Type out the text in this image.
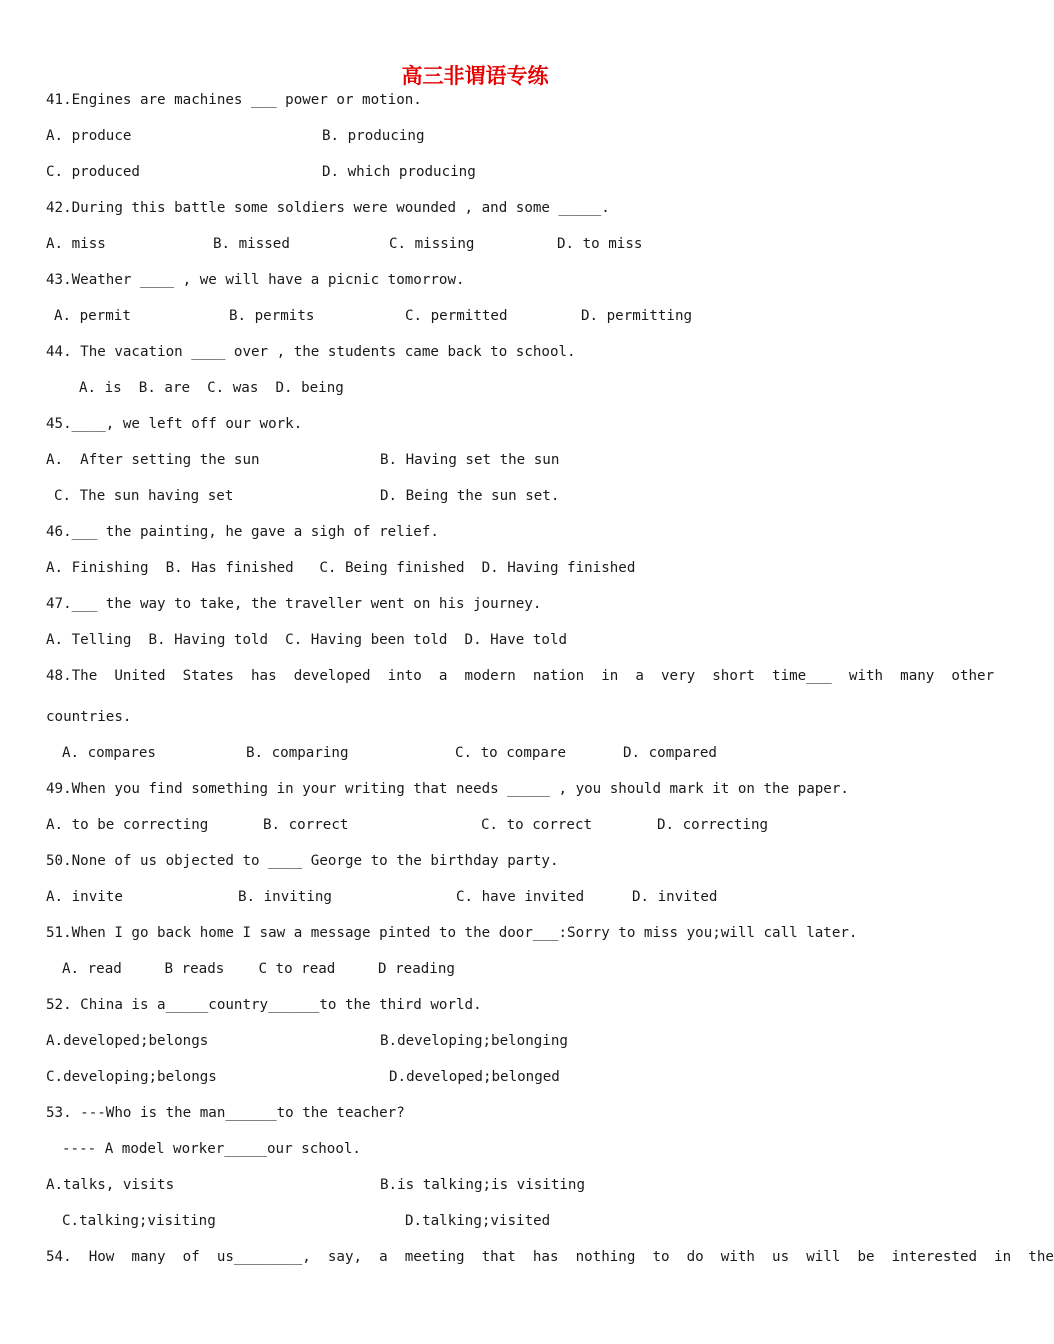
高三非谓语专练
41.Engines are machines ___ power or motion.
A. produce	B. producing
C. produced	D. which producing
42.During this battle some soldiers were wounded , and some _____.
A. miss	B. missed	C. missing	D. to miss
43.Weather ____ , we will have a picnic tomorrow.
A. permit	B. permits	C. permitted	D. permitting
44. The vacation ____ over , the students came back to school.
A. is  B. are  C. was  D. being
45.____, we left off our work.
A.  After setting the sun	B. Having set the sun
C. The sun having set	D. Being the sun set.
46.___ the painting, he gave a sigh of relief.
A. Finishing  B. Has finished   C. Being finished  D. Having finished
47.___ the way to take, the traveller went on his journey.
A. Telling  B. Having told  C. Having been told  D. Have told
48.The  United  States  has  developed  into  a  modern  nation  in  a  very  short  time___  with  many  other
countries.
A. compares	B. comparing	C. to compare	D. compared
49.When you find something in your writing that needs _____ , you should mark it on the paper.
A. to be correcting	B. correct	C. to correct	D. correcting
50.None of us objected to ____ George to the birthday party.
A. invite	B. inviting	C. have invited	D. invited
51.When I go back home I saw a message pinted to the door___:Sorry to miss you;will call later.
A. read     B reads    C to read     D reading
52. China is a_____country______to the third world.
A.developed;belongs	B.developing;belonging
C.developing;belongs	D.developed;belonged
53. ---Who is the man______to the teacher?
---- A model worker_____our school.
A.talks, visits	B.is talking;is visiting
C.talking;visiting	D.talking;visited
54.  How  many  of  us________,  say,  a  meeting  that  has  nothing  to  do  with  us  will  be  interested  in  the
